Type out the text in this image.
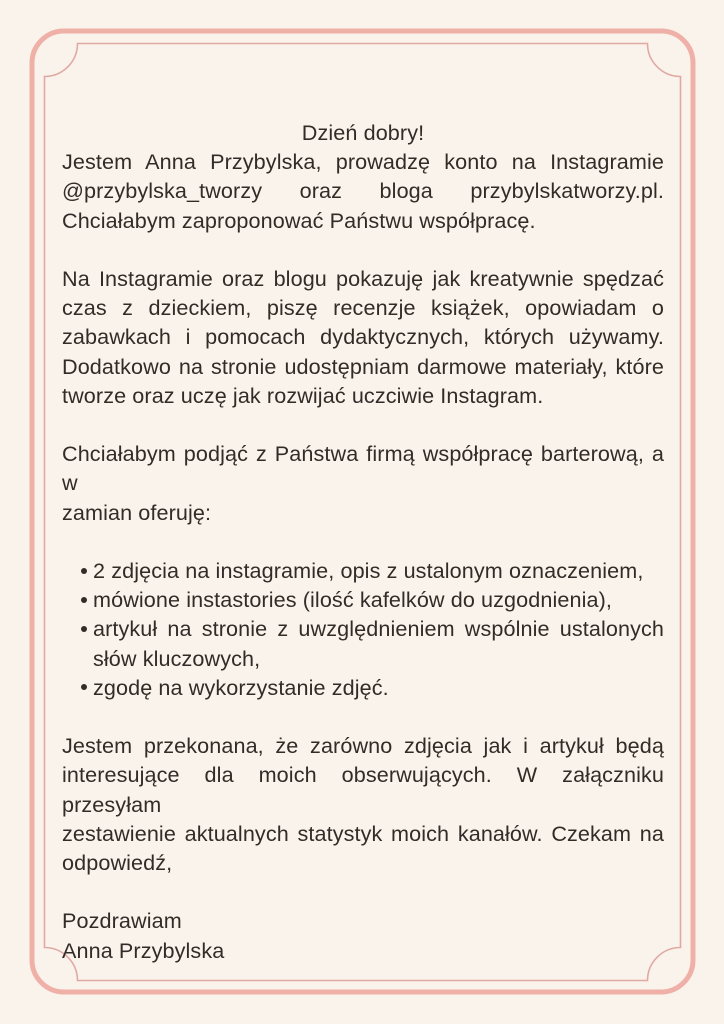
Dzień dobry!
Jestem Anna Przybylska, prowadzę konto na Instagramie
@przybylska_tworzy oraz bloga przybylskatworzy.pl.
Chciałabym zaproponować Państwu współpracę.
Na Instagramie oraz blogu pokazuję jak kreatywnie spędzać
czas z dzieckiem, piszę recenzje książek, opowiadam o
zabawkach i pomocach dydaktycznych, których używamy.
Dodatkowo na stronie udostępniam darmowe materiały, które
tworze oraz uczę jak rozwijać uczciwie Instagram.
Chciałabym podjąć z Państwa firmą współpracę barterową, a w
zamian oferuję:
2 zdjęcia na instagramie, opis z ustalonym oznaczeniem,
mówione instastories (ilość kafelków do uzgodnienia),
artykuł na stronie z uwzględnieniem wspólnie ustalonych
słów kluczowych,
zgodę na wykorzystanie zdjęć.
Jestem przekonana, że zarówno zdjęcia jak i artykuł będą
interesujące dla moich obserwujących. W załączniku przesyłam
zestawienie aktualnych statystyk moich kanałów. Czekam na
odpowiedź,
Pozdrawiam
Anna Przybylska
